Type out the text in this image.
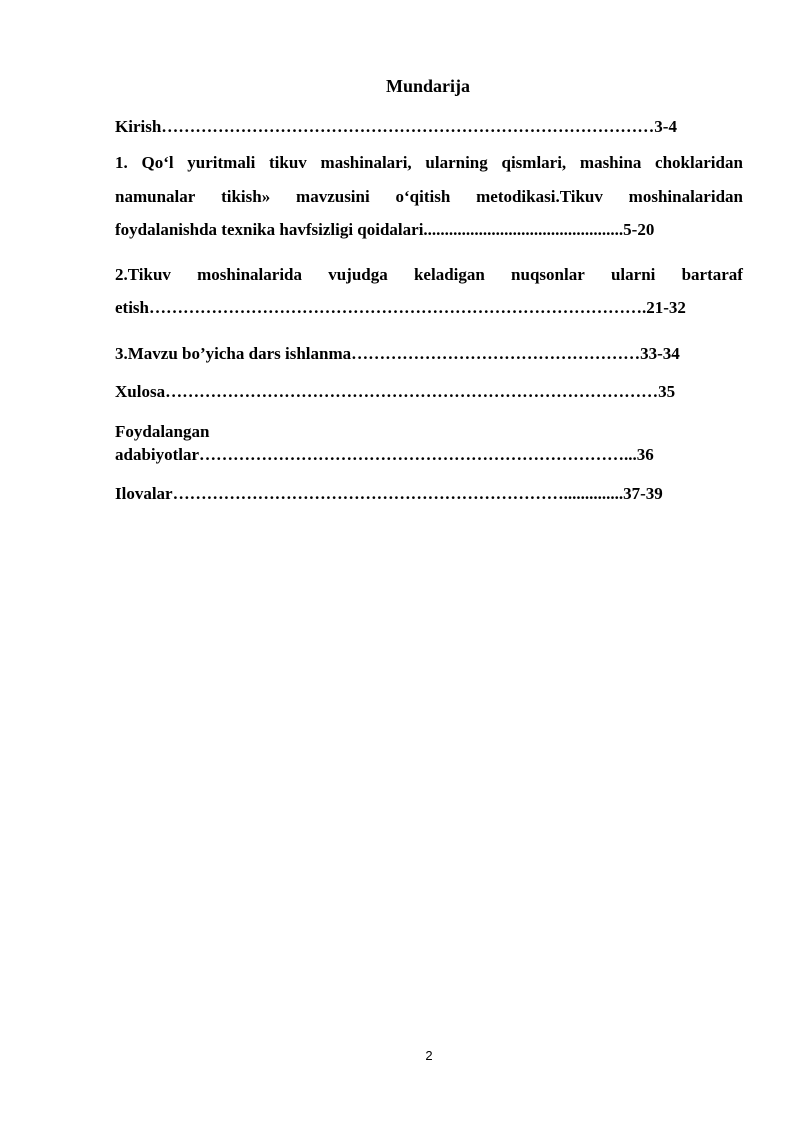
Mundarija
Kirish……………………………………………………………………………3-4
1. Qo‘l yuritmali tikuv mashinalari, ularning qismlari, mashina choklaridan
namunalar tikish» mavzusini o‘qitish metodikasi.Tikuv moshinalaridan
foydalanishda texnika havfsizligi qoidalari...............................................5-20
2.Tikuv moshinalarida vujudga keladigan nuqsonlar ularni bartaraf
etish…………………………………………………………………………….21-32
3.Mavzu bo’yicha dars ishlanma……………………………………………33-34
Xulosa……………………………………………………………………………35
Foydalangan
adabiyotlar…………………………………………………………………...36
Ilovalar……………………………………………………………..............37-39
2
